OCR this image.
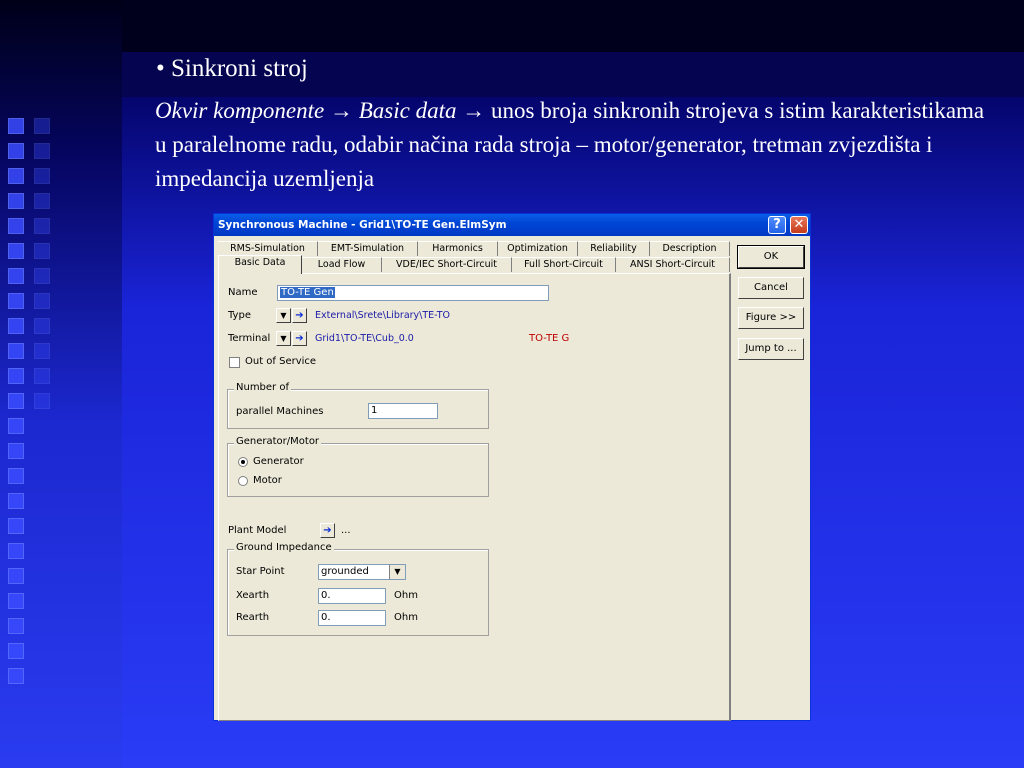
• Sinkroni stroj
Okvir komponente → Basic data → unos broja sinkronih strojeva s istim karakteristikama u paralelnome radu, odabir načina rada stroja – motor/generator, tretman zvjezdišta i impedancija uzemljenja
Synchronous Machine - Grid1\TO-TE Gen.ElmSym	? ✕
RMS-Simulation	EMT-Simulation	Harmonics	Optimization	Reliability	Description
Basic Data	Load Flow	VDE/IEC Short-Circuit	Full Short-Circuit	ANSI Short-Circuit
Name	TO-TE Gen
Type	▼ ➔	External\Srete\Library\TE-TO
Terminal	▼ ➔	Grid1\TO-TE\Cub_0.0	TO-TE G
Out of Service
Number of
parallel Machines	1
Generator/Motor
Generator
Motor
Plant Model	➔ ...
Ground Impedance
Star Point	grounded	▼
Xearth	0.	Ohm
Rearth	0.	Ohm
OK
Cancel
Figure >>
Jump to ...
